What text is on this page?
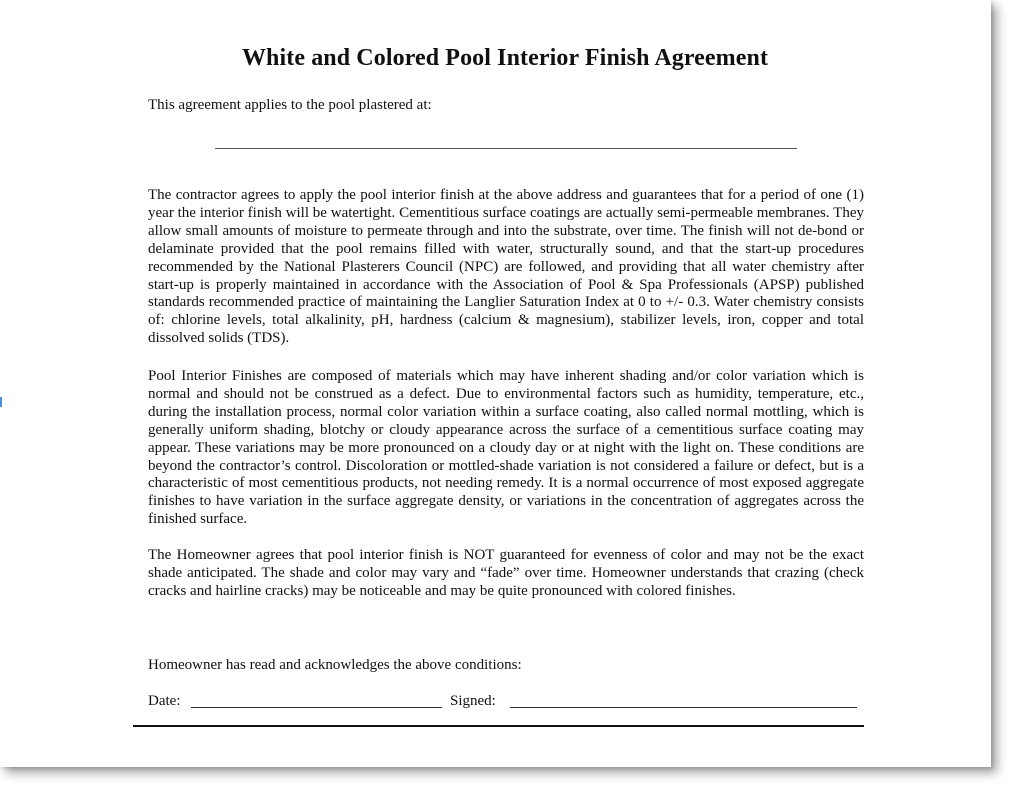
White and Colored Pool Interior Finish Agreement
This agreement applies to the pool plastered at:
The contractor agrees to apply the pool interior finish at the above address and guarantees that for a period of one (1) year the interior finish will be watertight. Cementitious surface coatings are actually semi-permeable membranes. They allow small amounts of moisture to permeate through and into the substrate, over time. The finish will not de-bond or delaminate provided that the pool remains filled with water, structurally sound, and that the start-up procedures recommended by the National Plasterers Council (NPC) are followed, and providing that all water chemistry after start-up is properly maintained in accordance with the Association of Pool & Spa Professionals (APSP) published standards recommended practice of maintaining the Langlier Saturation Index at 0 to +/- 0.3. Water chemistry consists of: chlorine levels, total alkalinity, pH, hardness (calcium & magnesium), stabilizer levels, iron, copper and total dissolved solids (TDS).
Pool Interior Finishes are composed of materials which may have inherent shading and/or color variation which is normal and should not be construed as a defect. Due to environmental factors such as humidity, temperature, etc., during the installation process, normal color variation within a surface coating, also called normal mottling, which is generally uniform shading, blotchy or cloudy appearance across the surface of a cementitious surface coating may appear. These variations may be more pronounced on a cloudy day or at night with the light on. These conditions are beyond the contractor’s control. Discoloration or mottled-shade variation is not considered a failure or defect, but is a characteristic of most cementitious products, not needing remedy. It is a normal occurrence of most exposed aggregate finishes to have variation in the surface aggregate density, or variations in the concentration of aggregates across the finished surface.
The Homeowner agrees that pool interior finish is NOT guaranteed for evenness of color and may not be the exact shade anticipated. The shade and color may vary and “fade” over time. Homeowner understands that crazing (check cracks and hairline cracks) may be noticeable and may be quite pronounced with colored finishes.
Homeowner has read and acknowledges the above conditions:
Date:	Signed:
